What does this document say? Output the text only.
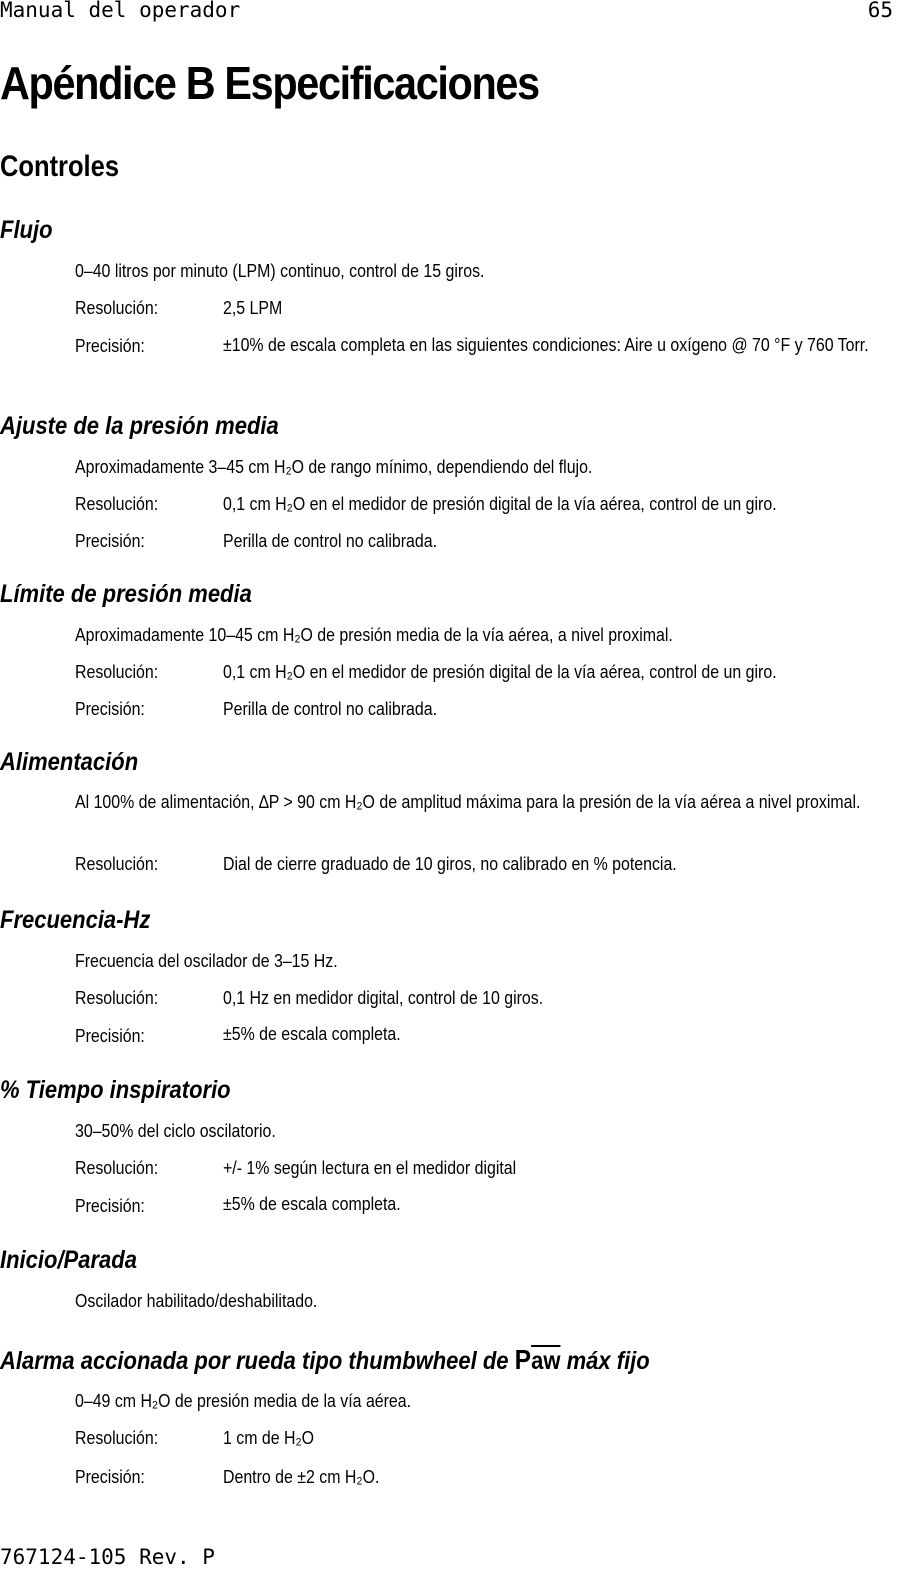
Manual del operador	65
Apéndice B Especificaciones
Controles
Flujo
0–40 litros por minuto (LPM) continuo, control de 15 giros.
Resolución:	2,5 LPM
Precisión:	±10% de escala completa en las siguientes condiciones: Aire u oxígeno @ 70 °F y 760 Torr.
Ajuste de la presión media
Aproximadamente 3–45 cm H₂O de rango mínimo, dependiendo del flujo.
Resolución:	0,1 cm H₂O en el medidor de presión digital de la vía aérea, control de un giro.
Precisión:	Perilla de control no calibrada.
Límite de presión media
Aproximadamente 10–45 cm H₂O de presión media de la vía aérea, a nivel proximal.
Resolución:	0,1 cm H₂O en el medidor de presión digital de la vía aérea, control de un giro.
Precisión:	Perilla de control no calibrada.
Alimentación
Al 100% de alimentación, ∆P > 90 cm H₂O de amplitud máxima para la presión de la vía aérea a nivel proximal.
Resolución:	Dial de cierre graduado de 10 giros, no calibrado en % potencia.
Frecuencia-Hz
Frecuencia del oscilador de 3–15 Hz.
Resolución:	0,1 Hz en medidor digital, control de 10 giros.
Precisión:	±5% de escala completa.
% Tiempo inspiratorio
30–50% del ciclo oscilatorio.
Resolución:	+/- 1% según lectura en el medidor digital
Precisión:	±5% de escala completa.
Inicio/Parada
Oscilador habilitado/deshabilitado.
Alarma accionada por rueda tipo thumbwheel de Paw máx fijo
0–49 cm H₂O de presión media de la vía aérea.
Resolución:	1 cm de H₂O
Precisión:	Dentro de ±2 cm H₂O.
767124-105 Rev. P
